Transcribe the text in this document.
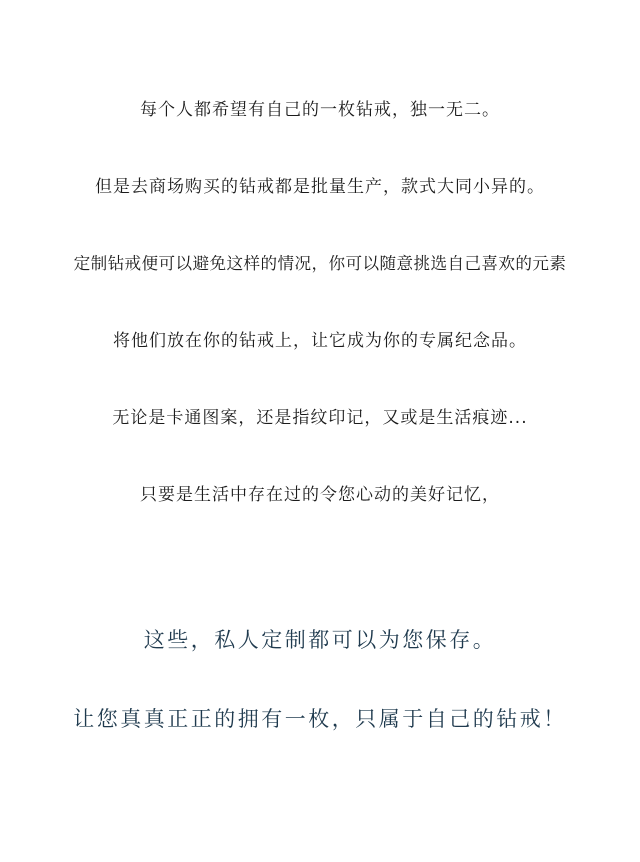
每个人都希望有自己的一枚钻戒，独一无二。
但是去商场购买的钻戒都是批量生产，款式大同小异的。
定制钻戒便可以避免这样的情况，你可以随意挑选自己喜欢的元素
将他们放在你的钻戒上，让它成为你的专属纪念品。
无论是卡通图案，还是指纹印记，又或是生活痕迹...
只要是生活中存在过的令您心动的美好记忆，
这些，私人定制都可以为您保存。
让您真真正正的拥有一枚，只属于自己的钻戒！
